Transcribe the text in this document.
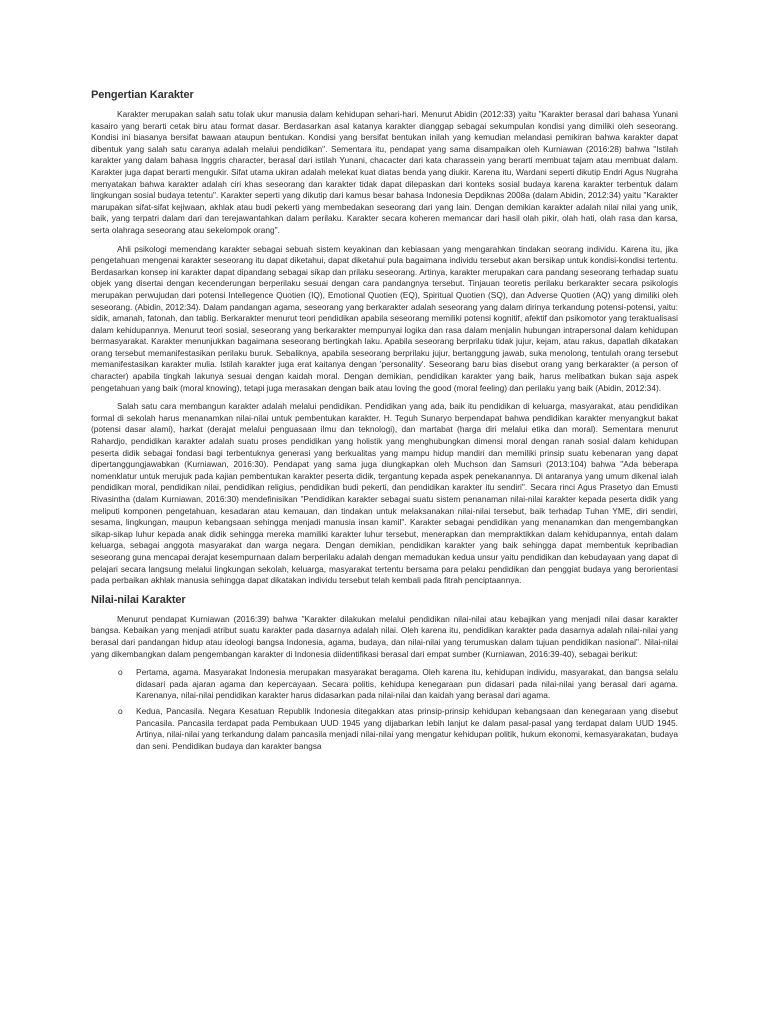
Pengertian Karakter

Karakter merupakan salah satu tolak ukur manusia dalam kehidupan sehari-hari. Menurut Abidin (2012:33) yaitu "Karakter berasal dari bahasa Yunani kasairo yang berarti cetak biru atau format dasar. Berdasarkan asal katanya karakter dianggap sebagai sekumpulan kondisi yang dimiliki oleh seseorang. Kondisi ini biasanya bersifat bawaan ataupun bentukan. Kondisi yang bersifat bentukan inilah yang kemudian melandasi pemikiran bahwa karakter dapat dibentuk yang salah satu caranya adalah melalui pendidikan". Sementara itu, pendapat yang sama disampaikan oleh Kurniawan (2016:28) bahwa "Istilah karakter yang dalam bahasa Inggris character, berasal dari istilah Yunani, chacacter dari kata charassein yang berarti membuat tajam atau membuat dalam. Karakter juga dapat berarti mengukir. Sifat utama ukiran adalah melekat kuat diatas benda yang diukir. Karena itu, Wardani seperti dikutip Endri Agus Nugraha menyatakan bahwa karakter adalah ciri khas seseorang dan karakter tidak dapat dilepaskan dari konteks sosial budaya karena karakter terbentuk dalam lingkungan sosial budaya tetentu". Karakter seperti yang dikutip dari kamus besar bahasa Indonesia Depdiknas 2008a (dalam Abidin, 2012:34) yaitu "Karakter marupakan sifat-sifat kejiwaan, akhlak atau budi pekerti yang membedakan seseorang dari yang lain. Dengan demikian karakter adalah nilai nilai yang unik, baik, yang terpatri dalam dari dan terejawantahkan dalam perilaku. Karakter secara koheren memancar dari hasil olah pikir, olah hati, olah rasa dan karsa, serta olahraga seseorang atau sekelompok orang".

Ahli psikologi memendang karakter sebagai sebuah sistem keyakinan dan kebiasaan yang mengarahkan tindakan seorang individu. Karena itu, jika pengetahuan mengenai karakter seseorang itu dapat diketahui, dapat diketahui pula bagaimana individu tersebut akan bersikap untuk kondisi-kondisi tertentu. Berdasarkan konsep ini karakter dapat dipandang sebagai sikap dan prilaku seseorang. Artinya, karakter merupakan cara pandang seseorang terhadap suatu objek yang disertai dengan kecenderungan berperilaku sesuai dengan cara pandangnya tersebut. Tinjauan teoretis perilaku berkarakter secara psikologis merupakan perwujudan dari potensi Intellegence Quotien (IQ), Emotional Quotien (EQ), Spiritual Quotien (SQ), dan Adverse Quotien (AQ) yang dimiliki oleh seseorang. (Abidin, 2012:34). Dalam pandangan agama, seseorang yang berkarakter adalah seseorang yang dalam dirinya terkandung potensi-potensi, yaitu: sidik, amanah, fatonah, dan tablig. Berkarakter menurut teori pendidikan apabila seseorang memiliki potensi kognitif, afektif dan psikomotor yang teraktualisasi dalam kehidupannya. Menurut teori sosial, seseorang yang berkarakter mempunyai logika dan rasa dalam menjalin hubungan intrapersonal dalam kehidupan bermasyarakat. Karakter menunjukkan bagaimana seseorang bertingkah laku. Apabila seseorang berprilaku tidak jujur, kejam, atau rakus, dapatlah dikatakan orang tersebut memanifestasikan perilaku buruk. Sebaliknya, apabila seseorang berprilaku jujur, bertanggung jawab, suka menolong, tentulah orang tersebut memanifestasikan karakter mulia. Istilah karakter juga erat kaitanya dengan 'personality'. Seseorang baru bias disebut orang yang berkarakter (a person of character) apabila tingkah lakunya sesuai dengan kaidah moral. Dengan demikian, pendidikan karakter yang baik, harus melibatkan bukan saja aspek pengetahuan yang baik (moral knowing), tetapi juga merasakan dengan baik atau loving the good (moral feeling) dan perilaku yang baik (Abidin, 2012:34).

Salah satu cara membangun karakter adalah melalui pendidikan. Pendidikan yang ada, baik itu pendidikan di keluarga, masyarakat, atau pendidikan formal di sekolah harus menanamkan nilai-nilai untuk pembentukan karakter. H. Teguh Sunaryo berpendapat bahwa pendidikan karakter menyangkut bakat (potensi dasar alami), harkat (derajat melalui penguasaan ilmu dan teknologi), dan martabat (harga diri melalui etika dan moral). Sementara menurut Rahardjo, pendidikan karakter adalah suatu proses pendidikan yang holistik yang menghubungkan dimensi moral dengan ranah sosial dalam kehidupan peserta didik sebagai fondasi bagi terbentuknya generasi yang berkualitas yang mampu hidup mandiri dan memiliki prinsip suatu kebenaran yang dapat dipertanggungjawabkan (Kurniawan, 2016:30). Pendapat yang sama juga diungkapkan oleh Muchson dan Samsuri (2013:104) bahwa "Ada beberapa nomenklatur untuk merujuk pada kajian pembentukan karakter peserta didik, tergantung kepada aspek penekanannya. Di antaranya yang umum dikenal ialah pendidikan moral, pendidikan nilai, pendidikan religius, pendidikan budi pekerti, dan pendidikan karakter itu sendiri". Secara rinci Agus Prasetyo dan Emusti Rivasintha (dalam Kurniawan, 2016:30) mendefinisikan "Pendidikan karakter sebagai suatu sistem penanaman nilai-nilai karakter kepada peserta didik yang meliputi komponen pengetahuan, kesadaran atau kemauan, dan tindakan untuk melaksanakan nilai-nilai tersebut, baik terhadap Tuhan YME, diri sendiri, sesama, lingkungan, maupun kebangsaan sehingga menjadi manusia insan kamil". Karakter sebagai pendidikan yang menanamkan dan mengembangkan sikap-sikap luhur kepada anak didik sehingga mereka mamiliki karakter luhur tersebut, menerapkan dan mempraktikkan dalam kehidupannya, entah dalam keluarga, sebagai anggota masyarakat dan warga negara. Dengan demikian, pendidikan karakter yang baik sehingga dapat membentuk kepribadian seseorang guna mencapai derajat kesempurnaan dalam berperilaku adalah dengan memadukan kedua unsur yaitu pendidikan dan kebudayaan yang dapat di pelajari secara langsung melalui lingkungan sekolah, keluarga, masyarakat tertentu bersama para pelaku pendidikan dan penggiat budaya yang berorientasi pada perbaikan akhlak manusia sehingga dapat dikatakan individu tersebut telah kembali pada fitrah penciptaannya.

Nilai-nilai Karakter

Menurut pendapat Kurniawan (2016:39) bahwa "Karakter dilakukan melalui pendidikan nilai-nilai atau kebajikan yang menjadi nilai dasar karakter bangsa. Kebaikan yang menjadi atribut suatu karakter pada dasarnya adalah nilai. Oleh karena itu, pendidikan karakter pada dasarnya adalah nilai-nilai yang berasal dari pandangan hidup atau ideologi bangsa Indonesia, agama, budaya, dan nilai-nilai yang terumuskan dalam tujuan pendidikan nasional". Nilai-nilai yang dikembangkan dalam pengembangan karakter di Indonesia diidentifikasi berasal dari empat sumber (Kurniawan, 2016:39-40), sebagai berikut:

o Pertama, agama. Masyarakat Indonesia merupakan masyarakat beragama. Oleh karena itu, kehidupan individu, masyarakat, dan bangsa selalu didasari pada ajaran agama dan kepercayaan. Secara politis, kehidupa kenegaraan pun didasari pada nilai-nilai yang berasal dari agama. Karenanya, nilai-nilai pendidikan karakter harus didasarkan pada nilai-nilai dan kaidah yang berasal dari agama.
o Kedua, Pancasila. Negara Kesatuan Republik Indonesia ditegakkan atas prinsip-prinsip kehidupan kebangsaan dan kenegaraan yang disebut Pancasila. Pancasila terdapat pada Pembukaan UUD 1945 yang dijabarkan lebih lanjut ke dalam pasal-pasal yang terdapat dalam UUD 1945. Artinya, nilai-nilai yang terkandung dalam pancasila menjadi nilai-nilai yang mengatur kehidupan politik, hukum ekonomi, kemasyarakatan, budaya dan seni. Pendidikan budaya dan karakter bangsa
